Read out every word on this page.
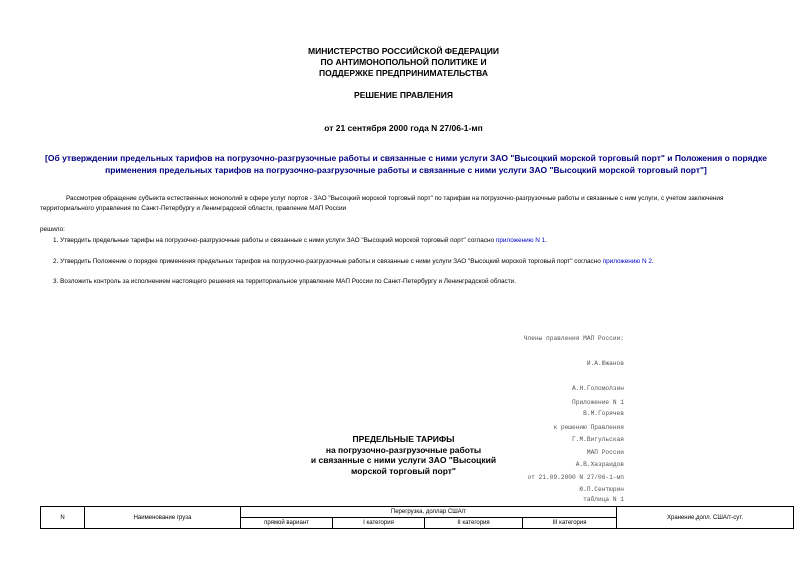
МИНИСТЕРСТВО РОССИЙСКОЙ ФЕДЕРАЦИИ
ПО АНТИМОНОПОЛЬНОЙ ПОЛИТИКЕ И
ПОДДЕРЖКЕ ПРЕДПРИНИМАТЕЛЬСТВА
РЕШЕНИЕ ПРАВЛЕНИЯ
от 21 сентября 2000 года N 27/06-1-мп
[Об утверждении предельных тарифов на погрузочно-разгрузочные работы и связанные с ними услуги ЗАО "Высоцкий морской торговый порт" и Положения о порядке применения предельных тарифов на погрузочно-разгрузочные работы и связанные с ними услуги ЗАО "Высоцкий морской торговый порт"]
Рассмотрев обращение субъекта естественных монополий в сфере услуг портов - ЗАО "Высоцкий морской торговый порт" по тарифам на погрузочно-разгрузочные работы и связанные с ним услуги, с учетом заключения территориального управления по Санкт-Петербургу и Ленинградской области, правление МАП России
решило:
1. Утвердить предельные тарифы на погрузочно-разгрузочные работы и связанные с ними услуги ЗАО "Высоцкий морской торговый порт" согласно приложению N 1.
2. Утвердить Положение о порядке применения предельных тарифов на погрузочно-разгрузочные работы и связанные с ними услуги ЗАО "Высоцкий морской торговый порт" согласно приложению N 2.
3. Возложить контроль за исполнением настоящего решения на территориальное управление МАП России по Санкт-Петербургу и Ленинградской области.

Члены правления МАП России:

И.А.Южанов

А.Н.Голомолзин

В.М.Горячев

Г.М.Вигульская

А.В.Хазраидов

Ю.П.Сентюрин

Приложение N 1

к решению Правления

МАП России

от 21.09.2000 N 27/06-1-мп

ПРЕДЕЛЬНЫЕ ТАРИФЫ
на погрузочно-разгрузочные работы
и связанные с ними услуги ЗАО "Высоцкий
морской торговый порт"
таблица N 1
N	Наименование груза	Перегрузка, доллар США/т				Хранение,долл. США/т-сут.
		прямой вариант	I категория	II категория	III категория	
